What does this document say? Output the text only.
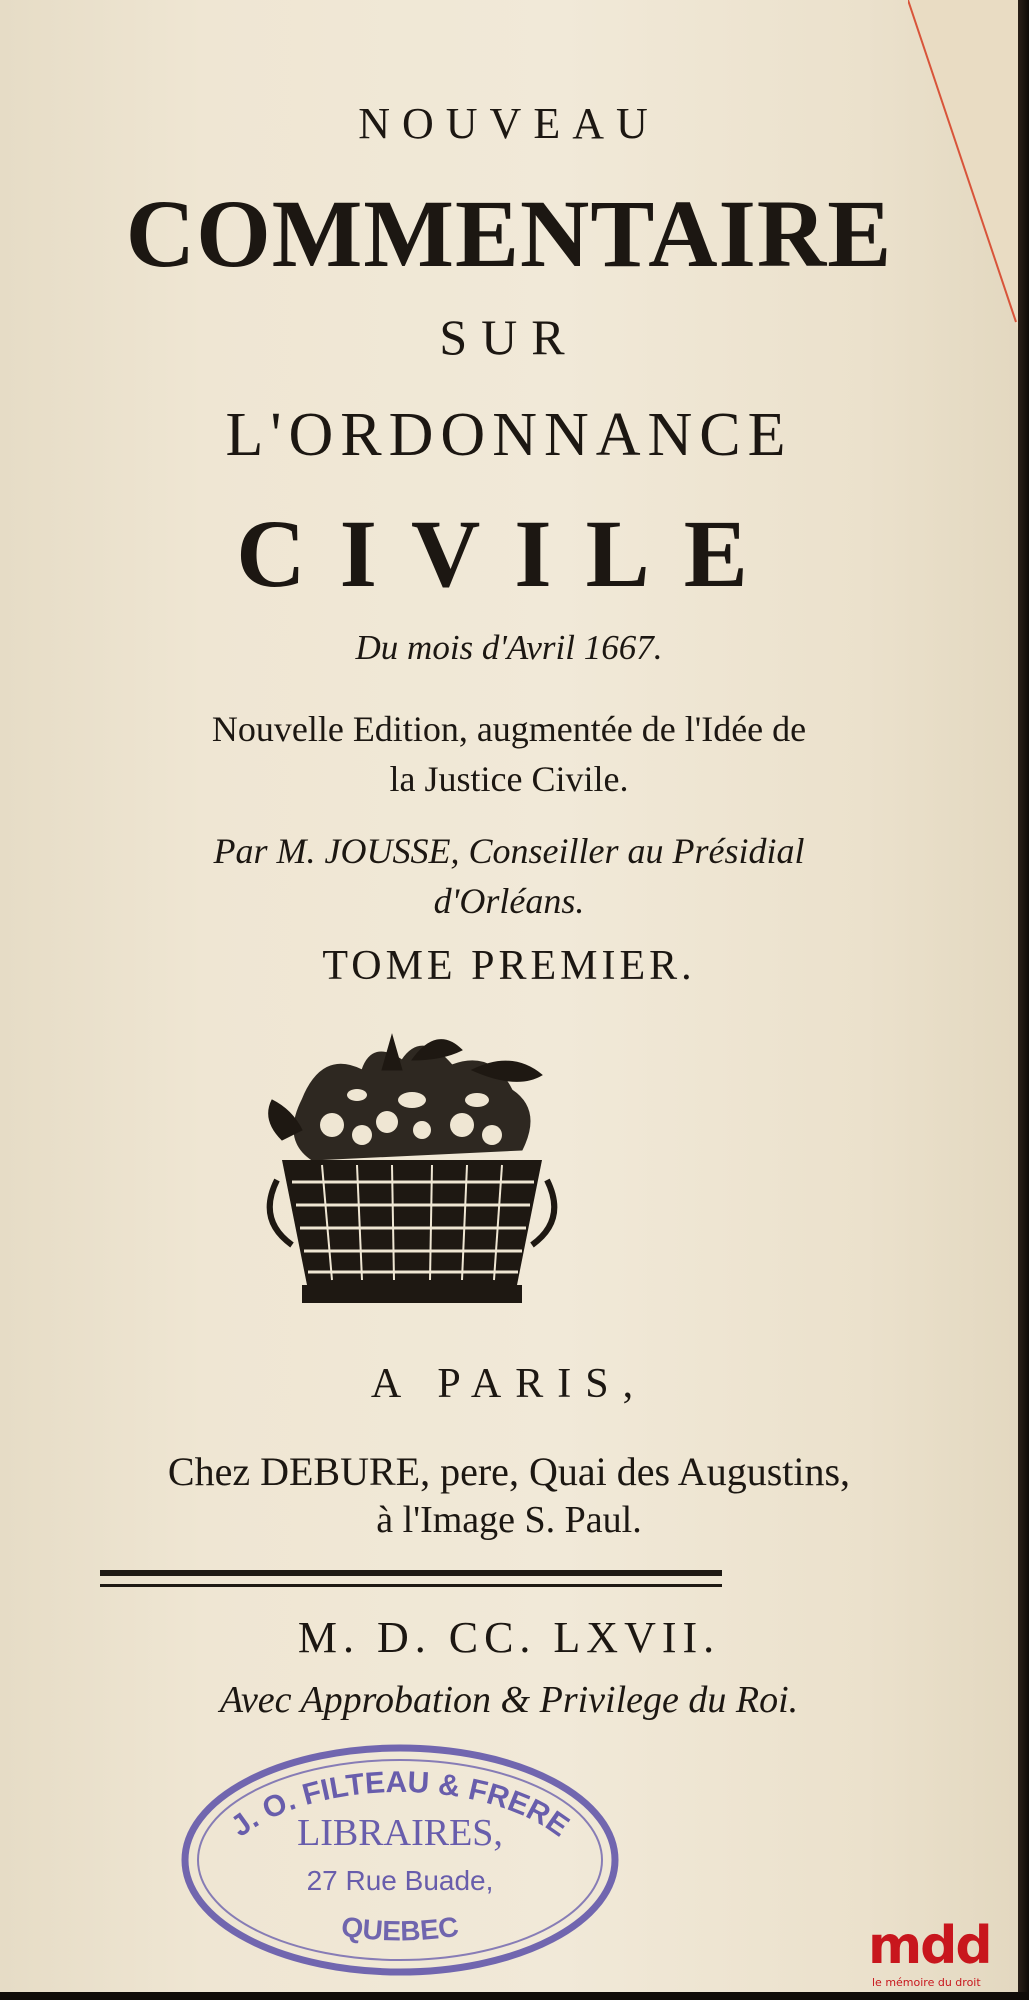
NOUVEAU
COMMENTAIRE
SUR
L'ORDONNANCE
CIVILE
Du mois d'Avril 1667.
Nouvelle Edition, augmentée de l'Idée de
la Justice Civile.
Par M. JOUSSE, Conseiller au Présidial
d'Orléans.
TOME PREMIER.
A PARIS,
Chez DEBURE, pere, Quai des Augustins,
à l'Image S. Paul.
M. D. CC. LXVII.
Avec Approbation & Privilege du Roi.
J. O. FILTEAU & FRERE
LIBRAIRES,
27 Rue Buade,
QUEBEC	mdd
le mémoire du droit
